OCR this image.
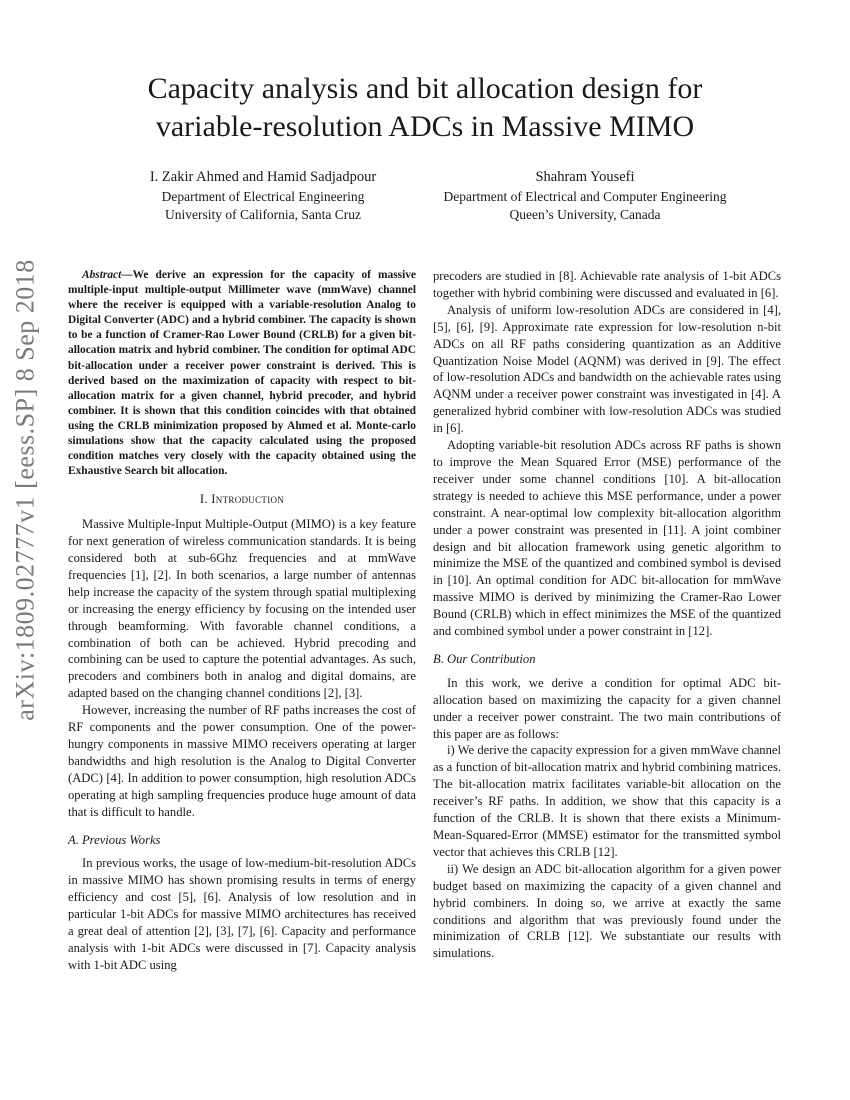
arXiv:1809.02777v1 [eess.SP] 8 Sep 2018
Capacity analysis and bit allocation design for
variable-resolution ADCs in Massive MIMO
I. Zakir Ahmed and Hamid Sadjadpour
Department of Electrical Engineering
University of California, Santa Cruz
Shahram Yousefi
Department of Electrical and Computer Engineering
Queen’s University, Canada

Abstract—We derive an expression for the capacity of massive multiple-input multiple-output Millimeter wave (mmWave) channel where the receiver is equipped with a variable-resolution Analog to Digital Converter (ADC) and a hybrid combiner. The capacity is shown to be a function of Cramer-Rao Lower Bound (CRLB) for a given bit-allocation matrix and hybrid combiner. The condition for optimal ADC bit-allocation under a receiver power constraint is derived. This is derived based on the maximization of capacity with respect to bit-allocation matrix for a given channel, hybrid precoder, and hybrid combiner. It is shown that this condition coincides with that obtained using the CRLB minimization proposed by Ahmed et al. Monte-carlo simulations show that the capacity calculated using the proposed condition matches very closely with the capacity obtained using the Exhaustive Search bit allocation.

I. Introduction

Massive Multiple-Input Multiple-Output (MIMO) is a key feature for next generation of wireless communication standards. It is being considered both at sub-6Ghz frequencies and at mmWave frequencies [1], [2]. In both scenarios, a large number of antennas help increase the capacity of the system through spatial multiplexing or increasing the energy efficiency by focusing on the intended user through beamforming. With favorable channel conditions, a combination of both can be achieved. Hybrid precoding and combining can be used to capture the potential advantages. As such, precoders and combiners both in analog and digital domains, are adapted based on the changing channel conditions [2], [3].

However, increasing the number of RF paths increases the cost of RF components and the power consumption. One of the power-hungry components in massive MIMO receivers operating at larger bandwidths and high resolution is the Analog to Digital Converter (ADC) [4]. In addition to power consumption, high resolution ADCs operating at high sampling frequencies produce huge amount of data that is difficult to handle.

A. Previous Works

In previous works, the usage of low-medium-bit-resolution ADCs in massive MIMO has shown promising results in terms of energy efficiency and cost [5], [6]. Analysis of low resolution and in particular 1-bit ADCs for massive MIMO architectures has received a great deal of attention [2], [3], [7], [6]. Capacity and performance analysis with 1-bit ADCs were discussed in [7]. Capacity analysis with 1-bit ADC using

precoders are studied in [8]. Achievable rate analysis of 1-bit ADCs together with hybrid combining were discussed and evaluated in [6].

Analysis of uniform low-resolution ADCs are considered in [4], [5], [6], [9]. Approximate rate expression for low-resolution n-bit ADCs on all RF paths considering quantization as an Additive Quantization Noise Model (AQNM) was derived in [9]. The effect of low-resolution ADCs and bandwidth on the achievable rates using AQNM under a receiver power constraint was investigated in [4]. A generalized hybrid combiner with low-resolution ADCs was studied in [6].

Adopting variable-bit resolution ADCs across RF paths is shown to improve the Mean Squared Error (MSE) performance of the receiver under some channel conditions [10]. A bit-allocation strategy is needed to achieve this MSE performance, under a power constraint. A near-optimal low complexity bit-allocation algorithm under a power constraint was presented in [11]. A joint combiner design and bit allocation framework using genetic algorithm to minimize the MSE of the quantized and combined symbol is devised in [10]. An optimal condition for ADC bit-allocation for mmWave massive MIMO is derived by minimizing the Cramer-Rao Lower Bound (CRLB) which in effect minimizes the MSE of the quantized and combined symbol under a power constraint in [12].

B. Our Contribution

In this work, we derive a condition for optimal ADC bit-allocation based on maximizing the capacity for a given channel under a receiver power constraint. The two main contributions of this paper are as follows:

i) We derive the capacity expression for a given mmWave channel as a function of bit-allocation matrix and hybrid combining matrices. The bit-allocation matrix facilitates variable-bit allocation on the receiver’s RF paths. In addition, we show that this capacity is a function of the CRLB. It is shown that there exists a Minimum-Mean-Squared-Error (MMSE) estimator for the transmitted symbol vector that achieves this CRLB [12].

ii) We design an ADC bit-allocation algorithm for a given power budget based on maximizing the capacity of a given channel and hybrid combiners. In doing so, we arrive at exactly the same conditions and algorithm that was previously found under the minimization of CRLB [12]. We substantiate our results with simulations.
